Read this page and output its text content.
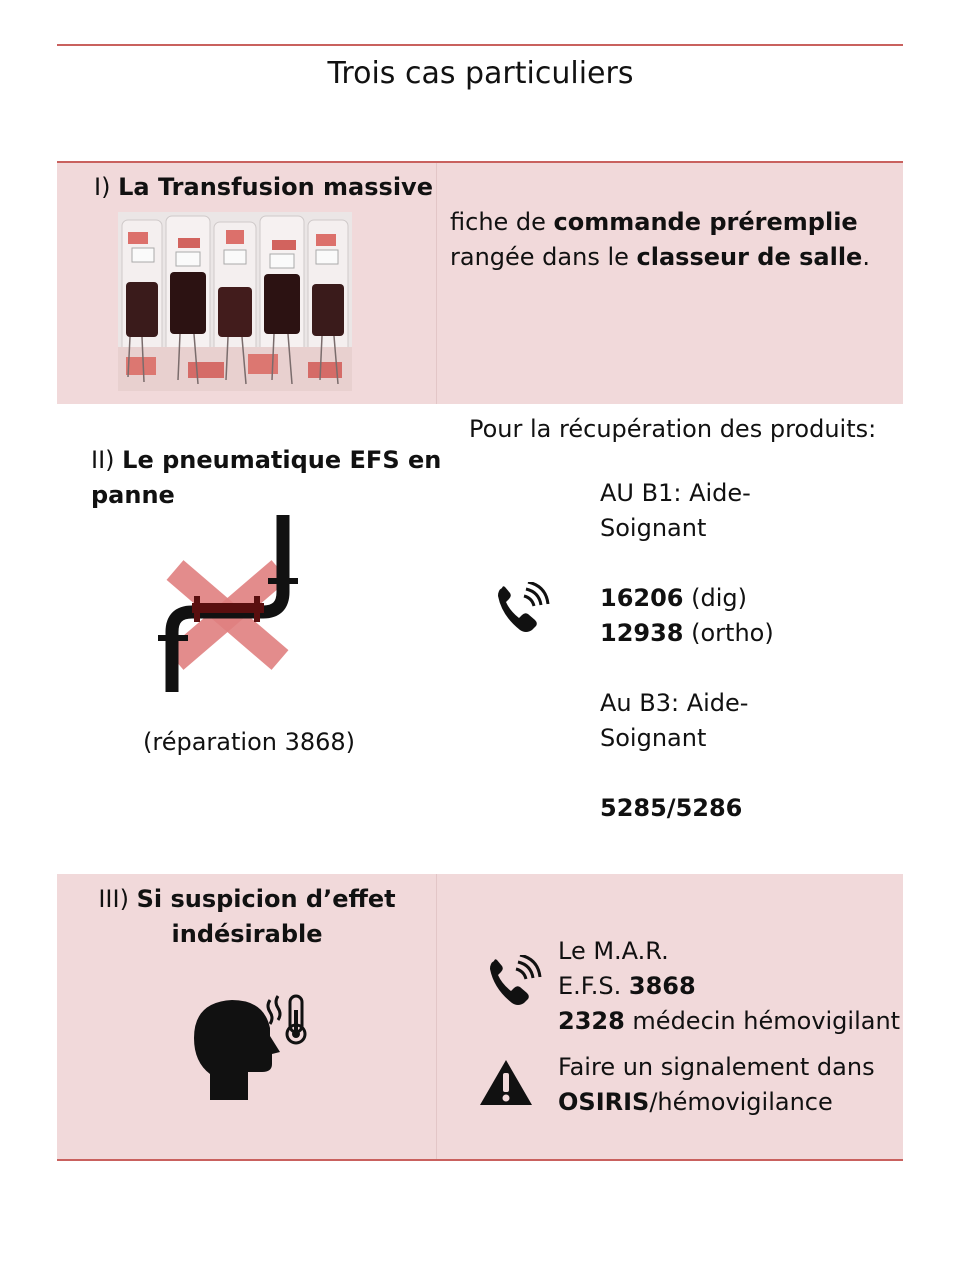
Trois cas particuliers
I) La Transfusion massive
fiche de commande préremplie
rangée dans le classeur de salle.
II) Le pneumatique EFS en
panne
(réparation 3868)
Pour la récupération des produits:
AU B1: Aide-
Soignant
16206 (dig)
12938 (ortho)
Au B3: Aide-
Soignant
5285/5286
III) Si suspicion d’effet
indésirable
Le M.A.R.
E.F.S. 3868
2328 médecin hémovigilant
Faire un signalement dans
OSIRIS/hémovigilance
